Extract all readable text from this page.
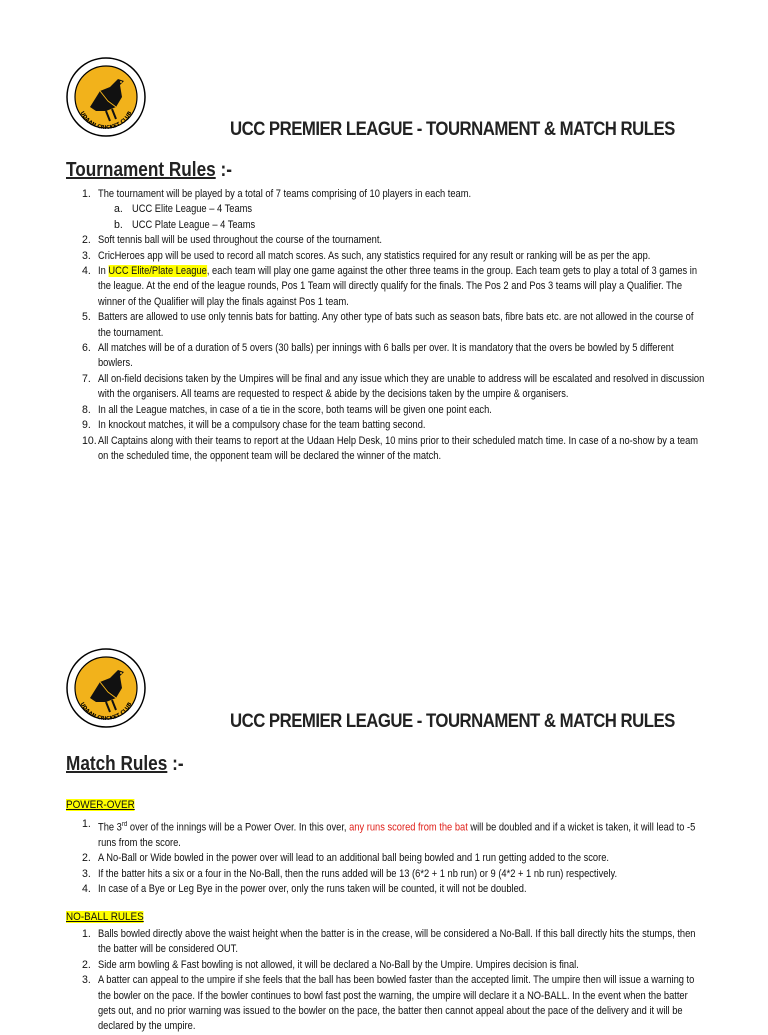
UDAAN CRICKET CLUB
UCC PREMIER LEAGUE - TOURNAMENT & MATCH RULES
Tournament Rules :-
1. The tournament will be played by a total of 7 teams comprising of 10 players in each team.
a. UCC Elite League – 4 Teams
b. UCC Plate League – 4 Teams
2. Soft tennis ball will be used throughout the course of the tournament.
3. CricHeroes app will be used to record all match scores. As such, any statistics required for any result or ranking will be as per the app.
4. In UCC Elite/Plate League, each team will play one game against the other three teams in the group. Each team gets to play a total of 3 games in the league. At the end of the league rounds, Pos 1 Team will directly qualify for the finals. The Pos 2 and Pos 3 teams will play a Qualifier. The winner of the Qualifier will play the finals against Pos 1 team.
5. Batters are allowed to use only tennis bats for batting. Any other type of bats such as season bats, fibre bats etc. are not allowed in the course of the tournament.
6. All matches will be of a duration of 5 overs (30 balls) per innings with 6 balls per over. It is mandatory that the overs be bowled by 5 different bowlers.
7. All on-field decisions taken by the Umpires will be final and any issue which they are unable to address will be escalated and resolved in discussion with the organisers. All teams are requested to respect & abide by the decisions taken by the umpire & organisers.
8. In all the League matches, in case of a tie in the score, both teams will be given one point each.
9. In knockout matches, it will be a compulsory chase for the team batting second.
10. All Captains along with their teams to report at the Udaan Help Desk, 10 mins prior to their scheduled match time. In case of a no-show by a team on the scheduled time, the opponent team will be declared the winner of the match.
UDAAN CRICKET CLUB
UCC PREMIER LEAGUE - TOURNAMENT & MATCH RULES
Match Rules :-
POWER-OVER
1. The 3rd over of the innings will be a Power Over. In this over, any runs scored from the bat will be doubled and if a wicket is taken, it will lead to -5 runs from the score.
2. A No-Ball or Wide bowled in the power over will lead to an additional ball being bowled and 1 run getting added to the score.
3. If the batter hits a six or a four in the No-Ball, then the runs added will be 13 (6*2 + 1 nb run) or 9 (4*2 + 1 nb run) respectively.
4. In case of a Bye or Leg Bye in the power over, only the runs taken will be counted, it will not be doubled.
NO-BALL RULES
1. Balls bowled directly above the waist height when the batter is in the crease, will be considered a No-Ball. If this ball directly hits the stumps, then the batter will be considered OUT.
2. Side arm bowling & Fast bowling is not allowed, it will be declared a No-Ball by the Umpire. Umpires decision is final.
3. A batter can appeal to the umpire if she feels that the ball has been bowled faster than the accepted limit. The umpire then will issue a warning to the bowler on the pace. If the bowler continues to bowl fast post the warning, the umpire will declare it a NO-BALL. In the event when the batter gets out, and no prior warning was issued to the bowler on the pace, the batter then cannot appeal about the pace of the delivery and it will be declared by the umpire.
